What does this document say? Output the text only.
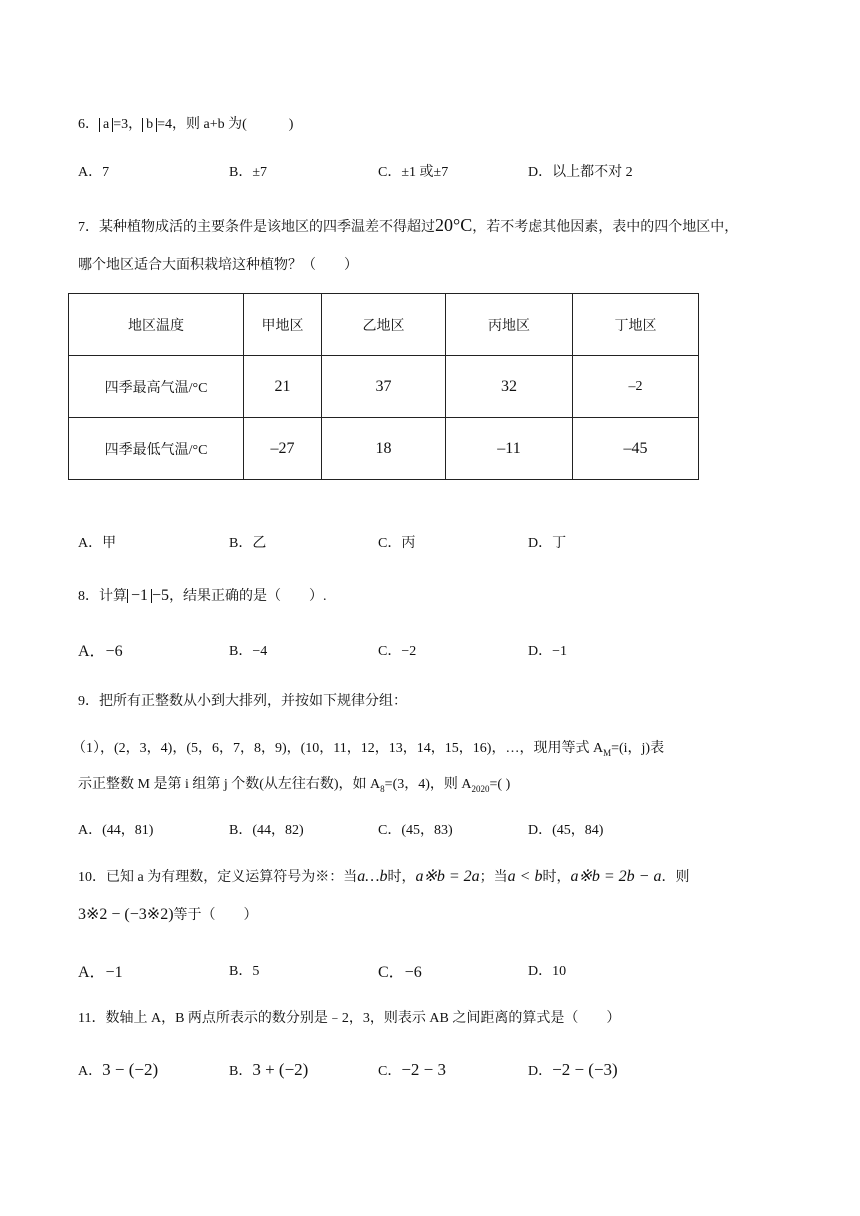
6． a =3， b =4，则 a+b 为(　　　)
A．7	B．±7	C．±1 或±7	D．以上都不对 2
7．某种植物成活的主要条件是该地区的四季温差不得超过20°C，若不考虑其他因素，表中的四个地区中，
哪个地区适合大面积栽培这种植物？（　　）
地区温度	甲地区	乙地区	丙地区	丁地区
四季最高气温/°C	21	37	32	–2
四季最低气温/°C	–27	18	–11	–45
A．甲	B．乙	C．丙	D．丁
8．计算 −1 −5，结果正确的是（　　）.
A．−6	B．−4	C．−2	D．−1
9．把所有正整数从小到大排列，并按如下规律分组：
（1），(2，3，4)，(5，6，7，8，9)，(10，11，12，13，14，15，16)，…，现用等式 $A_M=(i$，j)表
示正整数 M 是第 i 组第 j 个数(从左往右数)，如 $A_8=(3$，4)，则 $A_{2020}=$( )
A．(44，81)	B．(44，82)	C．(45，83)	D．(45，84)
10．已知 a 为有理数，定义运算符号为※：当a…b时，a※b = 2a；当a < b时，a※b = 2b − a．则
3※2 − (−3※2)等于（　　）
A．−1	B．5	C．−6	D．10
11．数轴上 A，B 两点所表示的数分别是﹣2，3，则表示 AB 之间距离的算式是（　　）
A．3 − (−2)	B．3 + (−2)	C．−2 − 3	D．−2 − (−3)
